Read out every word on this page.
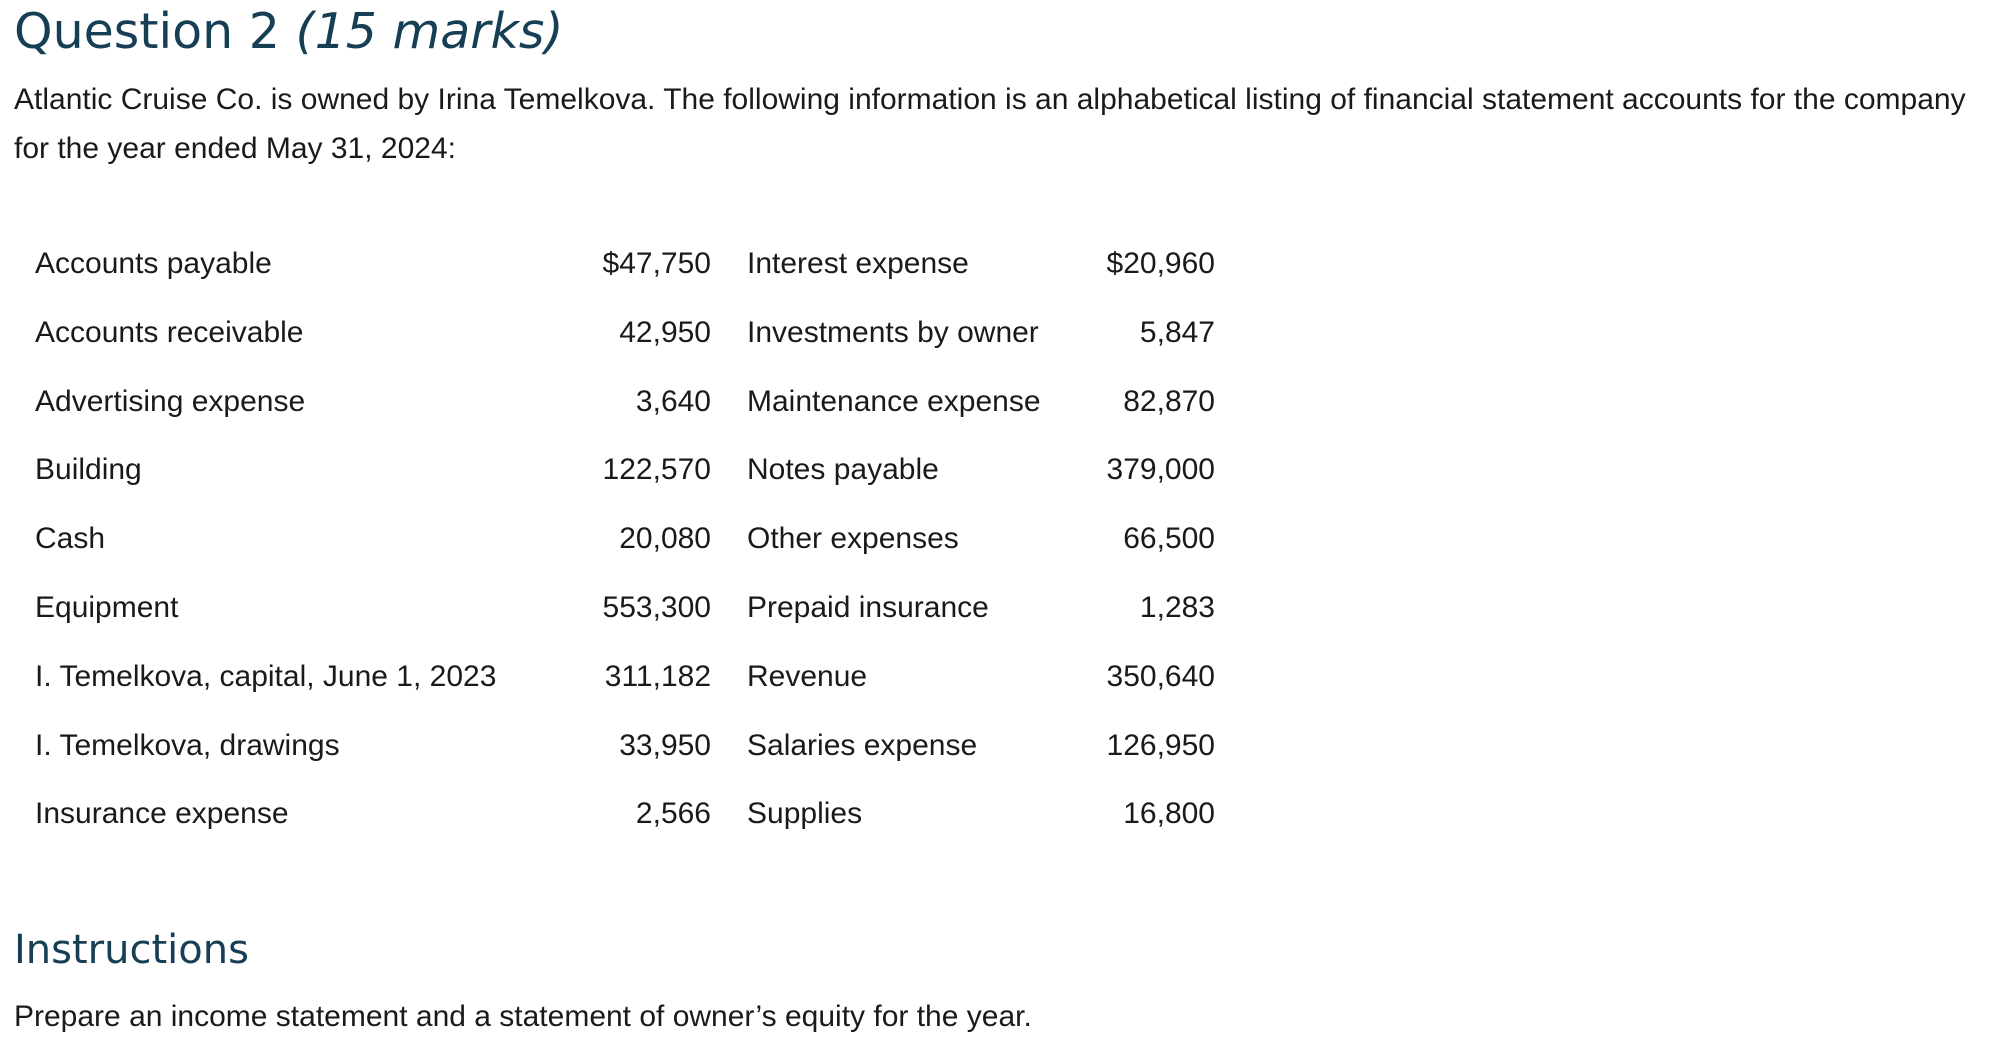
Question 2 (15 marks)

Atlantic Cruise Co. is owned by Irina Temelkova. The following information is an alphabetical listing of financial statement accounts for the company for the year ended May 31, 2024:

Accounts payable	$47,750 Interest expense	$20,960
Accounts receivable	42,950 Investments by owner	5,847
Advertising expense	3,640 Maintenance expense	82,870
Building	122,570 Notes payable	379,000
Cash	20,080 Other expenses	66,500
Equipment	553,300 Prepaid insurance	1,283
I. Temelkova, capital, June 1, 2023	311,182 Revenue	350,640
I. Temelkova, drawings	33,950 Salaries expense	126,950
Insurance expense	2,566 Supplies	16,800
Instructions

Prepare an income statement and a statement of owner’s equity for the year.
